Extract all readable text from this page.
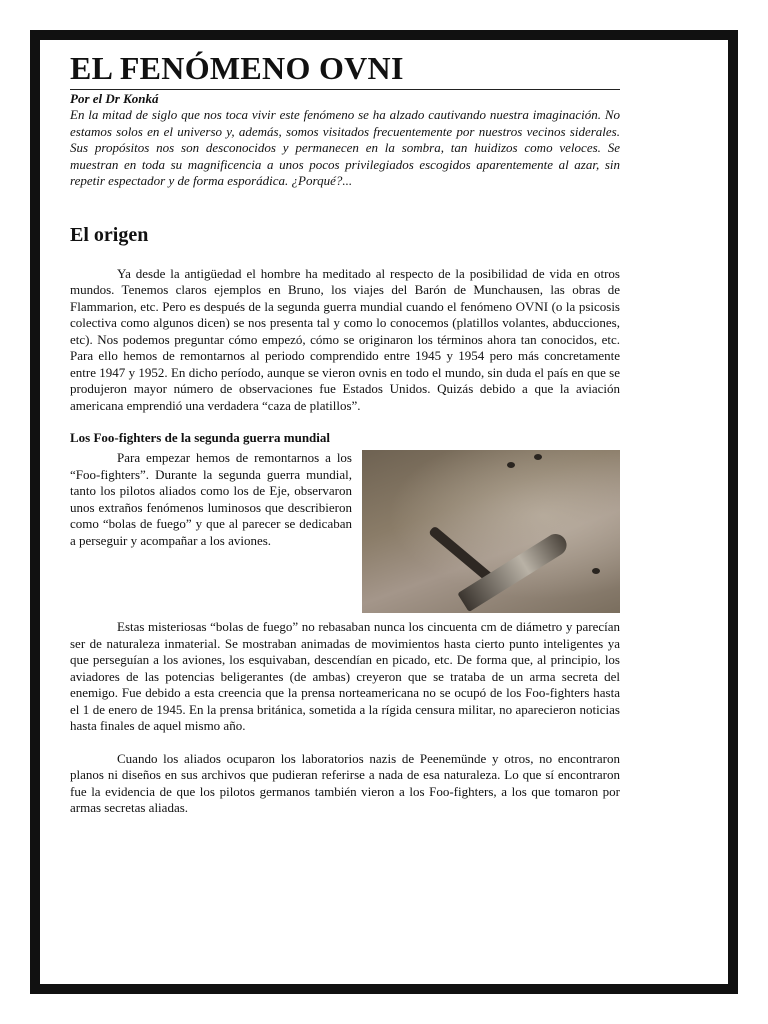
EL FENÓMENO OVNI

Por el Dr Konká

En la mitad de siglo que nos toca vivir este fenómeno se ha alzado cautivando nuestra imaginación. No estamos solos en el universo y, además, somos visitados frecuentemente por nuestros vecinos siderales. Sus propósitos nos son desconocidos y permanecen en la sombra, tan huidizos como veloces. Se muestran en toda su magnificencia a unos pocos privilegiados escogidos aparentemente al azar, sin repetir espectador y de forma esporádica. ¿Porqué?...

El origen

Ya desde la antigüedad el hombre ha meditado al respecto de la posibilidad de vida en otros mundos. Tenemos claros ejemplos en Bruno, los viajes del Barón de Munchausen, las obras de Flammarion, etc. Pero es después de la segunda guerra mundial cuando el fenómeno OVNI (o la psicosis colectiva como algunos dicen) se nos presenta tal y como lo conocemos (platillos volantes, abducciones, etc). Nos podemos preguntar cómo empezó, cómo se originaron los términos ahora tan conocidos, etc. Para ello hemos de remontarnos al periodo comprendido entre 1945 y 1954 pero más concretamente entre 1947 y 1952. En dicho período, aunque se vieron ovnis en todo el mundo, sin duda el país en que se produjeron mayor número de observaciones fue Estados Unidos. Quizás debido a que la aviación americana emprendió una verdadera “caza de platillos”.

Los Foo-fighters de la segunda guerra mundial

Para empezar hemos de remontarnos a los “Foo-fighters”. Durante la segunda guerra mundial, tanto los pilotos aliados como los de Eje, observaron unos extraños fenómenos luminosos que describieron como “bolas de fuego” y que al parecer se dedicaban a perseguir y acompañar a los aviones.

Estas misteriosas “bolas de fuego” no rebasaban nunca los cincuenta cm de diámetro y parecían ser de naturaleza inmaterial. Se mostraban animadas de movimientos hasta cierto punto inteligentes ya que perseguían a los aviones, los esquivaban, descendían en picado, etc. De forma que, al principio, los aviadores de las potencias beligerantes (de ambas) creyeron que se trataba de un arma secreta del enemigo. Fue debido a esta creencia que la prensa norteamericana no se ocupó de los Foo-fighters hasta el 1 de enero de 1945. En la prensa británica, sometida a la rígida censura militar, no aparecieron noticias hasta finales de aquel mismo año.

Cuando los aliados ocuparon los laboratorios nazis de Peenemünde y otros, no encontraron planos ni diseños en sus archivos que pudieran referirse a nada de esa naturaleza. Lo que sí encontraron fue la evidencia de que los pilotos germanos también vieron a los Foo-fighters, a los que tomaron por armas secretas aliadas.
